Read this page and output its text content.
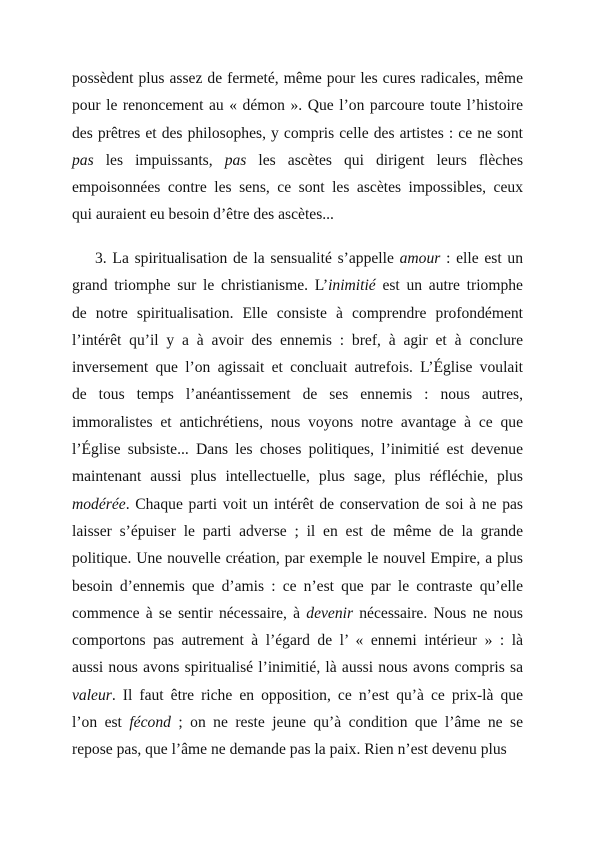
possèdent plus assez de fermeté, même pour les cures radicales, même
pour le renoncement au « démon ». Que l’on parcoure toute l’histoire
des prêtres et des philosophes, y compris celle des artistes : ce ne sont
pas les impuissants, pas les ascètes qui dirigent leurs flèches
empoisonnées contre les sens, ce sont les ascètes impossibles, ceux
qui auraient eu besoin d’être des ascètes...
3. La spiritualisation de la sensualité s’appelle amour : elle est un
grand triomphe sur le christianisme. L’inimitié est un autre triomphe
de notre spiritualisation. Elle consiste à comprendre profondément
l’intérêt qu’il y a à avoir des ennemis : bref, à agir et à conclure
inversement que l’on agissait et concluait autrefois. L’Église voulait
de tous temps l’anéantissement de ses ennemis : nous autres,
immoralistes et antichrétiens, nous voyons notre avantage à ce que
l’Église subsiste... Dans les choses politiques, l’inimitié est devenue
maintenant aussi plus intellectuelle, plus sage, plus réfléchie, plus
modérée. Chaque parti voit un intérêt de conservation de soi à ne pas
laisser s’épuiser le parti adverse ; il en est de même de la grande
politique. Une nouvelle création, par exemple le nouvel Empire, a plus
besoin d’ennemis que d’amis : ce n’est que par le contraste qu’elle
commence à se sentir nécessaire, à devenir nécessaire. Nous ne nous
comportons pas autrement à l’égard de l’ « ennemi intérieur » : là
aussi nous avons spiritualisé l’inimitié, là aussi nous avons compris sa
valeur. Il faut être riche en opposition, ce n’est qu’à ce prix-là que
l’on est fécond ; on ne reste jeune qu’à condition que l’âme ne se
repose pas, que l’âme ne demande pas la paix. Rien n’est devenu plus
